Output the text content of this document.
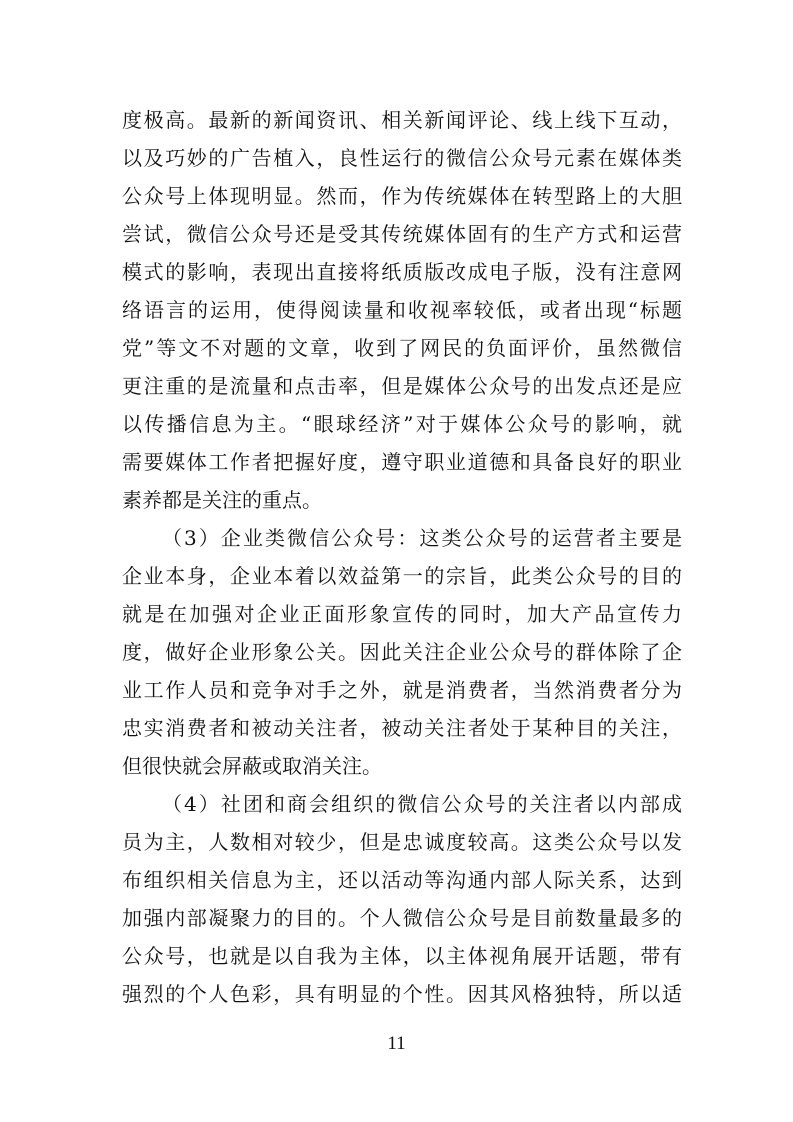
度极高。最新的新闻资讯、相关新闻评论、线上线下互动，
以及巧妙的广告植入，良性运行的微信公众号元素在媒体类
公众号上体现明显。然而，作为传统媒体在转型路上的大胆
尝试，微信公众号还是受其传统媒体固有的生产方式和运营
模式的影响，表现出直接将纸质版改成电子版，没有注意网
络语言的运用，使得阅读量和收视率较低，或者出现“标题
党”等文不对题的文章，收到了网民的负面评价，虽然微信
更注重的是流量和点击率，但是媒体公众号的出发点还是应
以传播信息为主。“眼球经济”对于媒体公众号的影响，就
需要媒体工作者把握好度，遵守职业道德和具备良好的职业
素养都是关注的重点。
（3）企业类微信公众号：这类公众号的运营者主要是
企业本身，企业本着以效益第一的宗旨，此类公众号的目的
就是在加强对企业正面形象宣传的同时，加大产品宣传力
度，做好企业形象公关。因此关注企业公众号的群体除了企
业工作人员和竞争对手之外，就是消费者，当然消费者分为
忠实消费者和被动关注者，被动关注者处于某种目的关注，
但很快就会屏蔽或取消关注。
（4）社团和商会组织的微信公众号的关注者以内部成
员为主，人数相对较少，但是忠诚度较高。这类公众号以发
布组织相关信息为主，还以活动等沟通内部人际关系，达到
加强内部凝聚力的目的。个人微信公众号是目前数量最多的
公众号，也就是以自我为主体，以主体视角展开话题，带有
强烈的个人色彩，具有明显的个性。因其风格独特，所以适
11
